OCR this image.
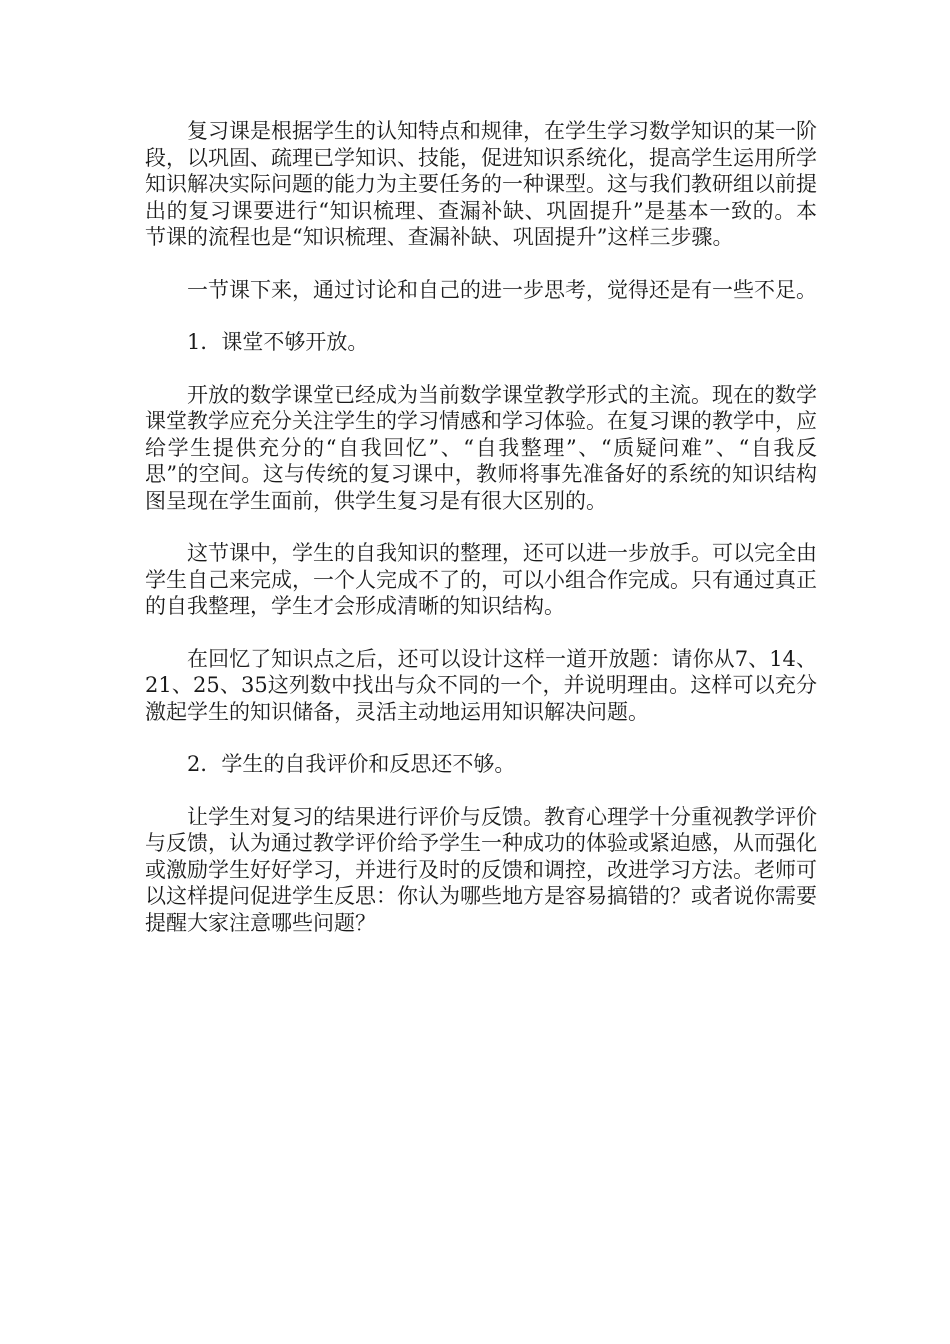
复习课是根据学生的认知特点和规律，在学生学习数学知识的某一阶段，以巩固、疏理已学知识、技能，促进知识系统化，提高学生运用所学知识解决实际问题的能力为主要任务的一种课型。这与我们教研组以前提出的复习课要进行“知识梳理、查漏补缺、巩固提升”是基本一致的。本节课的流程也是“知识梳理、查漏补缺、巩固提升”这样三步骤。

一节课下来，通过讨论和自己的进一步思考，觉得还是有一些不足。

1．课堂不够开放。

开放的数学课堂已经成为当前数学课堂教学形式的主流。现在的数学课堂教学应充分关注学生的学习情感和学习体验。在复习课的教学中，应给学生提供充分的“自我回忆”、“自我整理”、“质疑问难”、“自我反思”的空间。这与传统的复习课中，教师将事先准备好的系统的知识结构图呈现在学生面前，供学生复习是有很大区别的。

这节课中，学生的自我知识的整理，还可以进一步放手。可以完全由学生自己来完成，一个人完成不了的，可以小组合作完成。只有通过真正的自我整理，学生才会形成清晰的知识结构。

在回忆了知识点之后，还可以设计这样一道开放题：请你从7、14、21、25、35这列数中找出与众不同的一个，并说明理由。这样可以充分激起学生的知识储备，灵活主动地运用知识解决问题。

2．学生的自我评价和反思还不够。

让学生对复习的结果进行评价与反馈。教育心理学十分重视教学评价与反馈，认为通过教学评价给予学生一种成功的体验或紧迫感，从而强化或激励学生好好学习，并进行及时的反馈和调控，改进学习方法。老师可以这样提问促进学生反思：你认为哪些地方是容易搞错的？或者说你需要提醒大家注意哪些问题？
